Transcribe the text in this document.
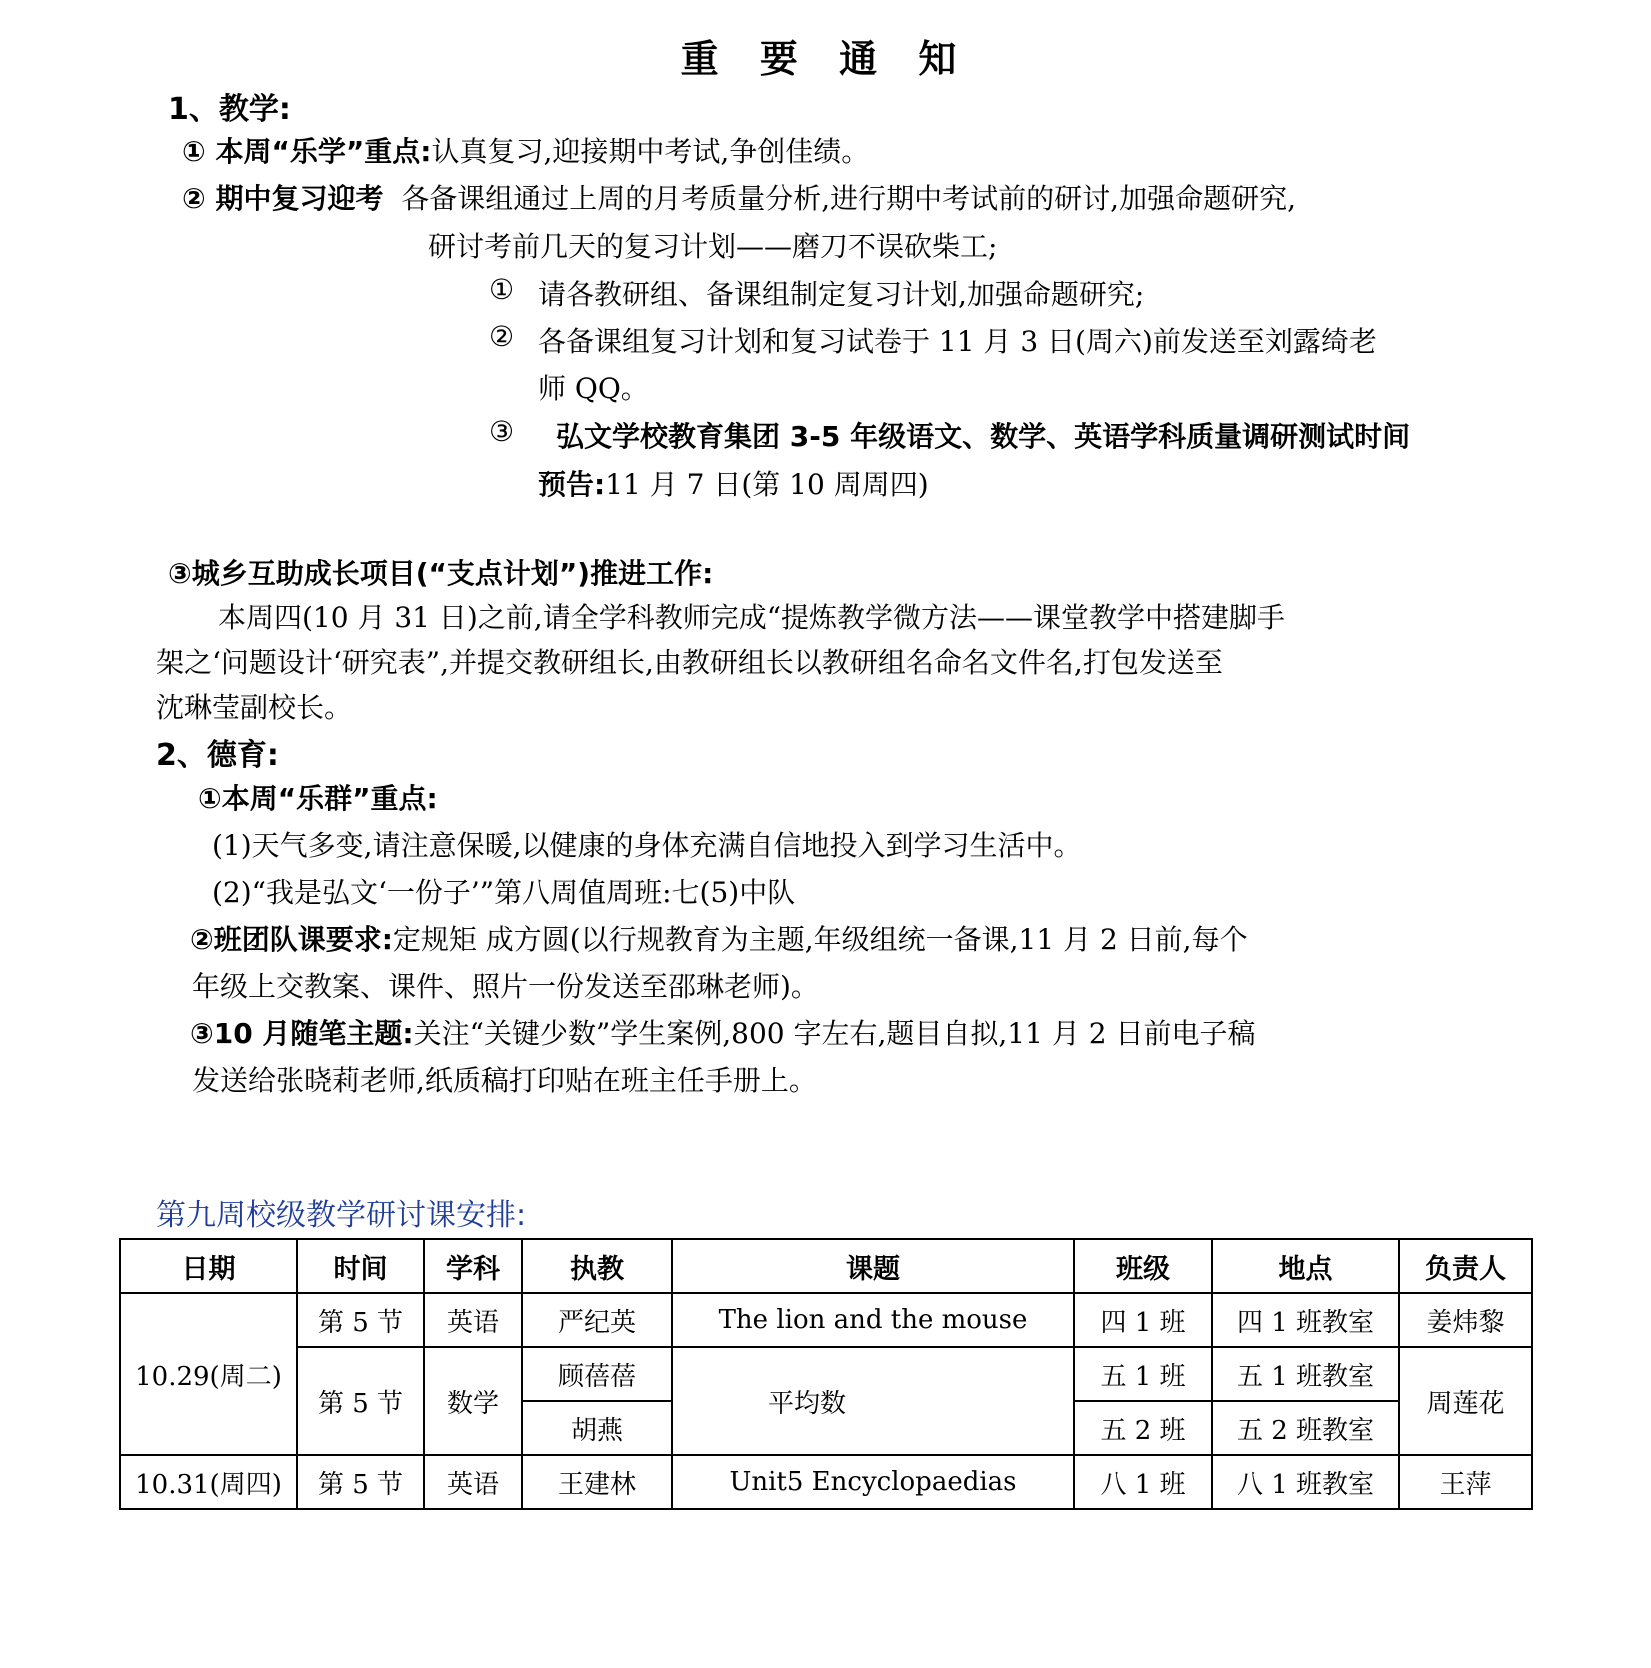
重 要 通 知
1、教学:
① 本周“乐学”重点:认真复习,迎接期中考试,争创佳绩。
② 期中复习迎考 各备课组通过上周的月考质量分析,进行期中考试前的研讨,加强命题研究,
研讨考前几天的复习计划——磨刀不误砍柴工;
① 请各教研组、备课组制定复习计划,加强命题研究;
② 各备课组复习计划和复习试卷于 11 月 3 日(周六)前发送至刘露绮老
师 QQ。
③ 弘文学校教育集团 3-5 年级语文、数学、英语学科质量调研测试时间
预告:11 月 7 日(第 10 周周四)
③城乡互助成长项目(“支点计划”)推进工作:
本周四(10 月 31 日)之前,请全学科教师完成“提炼教学微方法——课堂教学中搭建脚手
架之‘问题设计‘研究表”,并提交教研组长,由教研组长以教研组名命名文件名,打包发送至
沈琳莹副校长。
2、德育:
①本周“乐群”重点:
(1)天气多变,请注意保暖,以健康的身体充满自信地投入到学习生活中。
(2)“我是弘文‘一份子’”第八周值周班:七(5)中队
②班团队课要求:定规矩 成方圆(以行规教育为主题,年级组统一备课,11 月 2 日前,每个
年级上交教案、课件、照片一份发送至邵琳老师)。
③10 月随笔主题:关注“关键少数”学生案例,800 字左右,题目自拟,11 月 2 日前电子稿
发送给张晓莉老师,纸质稿打印贴在班主任手册上。
第九周校级教学研讨课安排:
日期	时间	学科	执教	课题	班级	地点	负责人
10.29(周二)	第 5 节	英语	严纪英	The lion and the mouse	四 1 班	四 1 班教室	姜炜黎
	第 5 节	数学	顾蓓蓓	平均数	五 1 班	五 1 班教室	周莲花
			胡燕		五 2 班	五 2 班教室	
10.31(周四)	第 5 节	英语	王建林	Unit5 Encyclopaedias	八 1 班	八 1 班教室	王萍
